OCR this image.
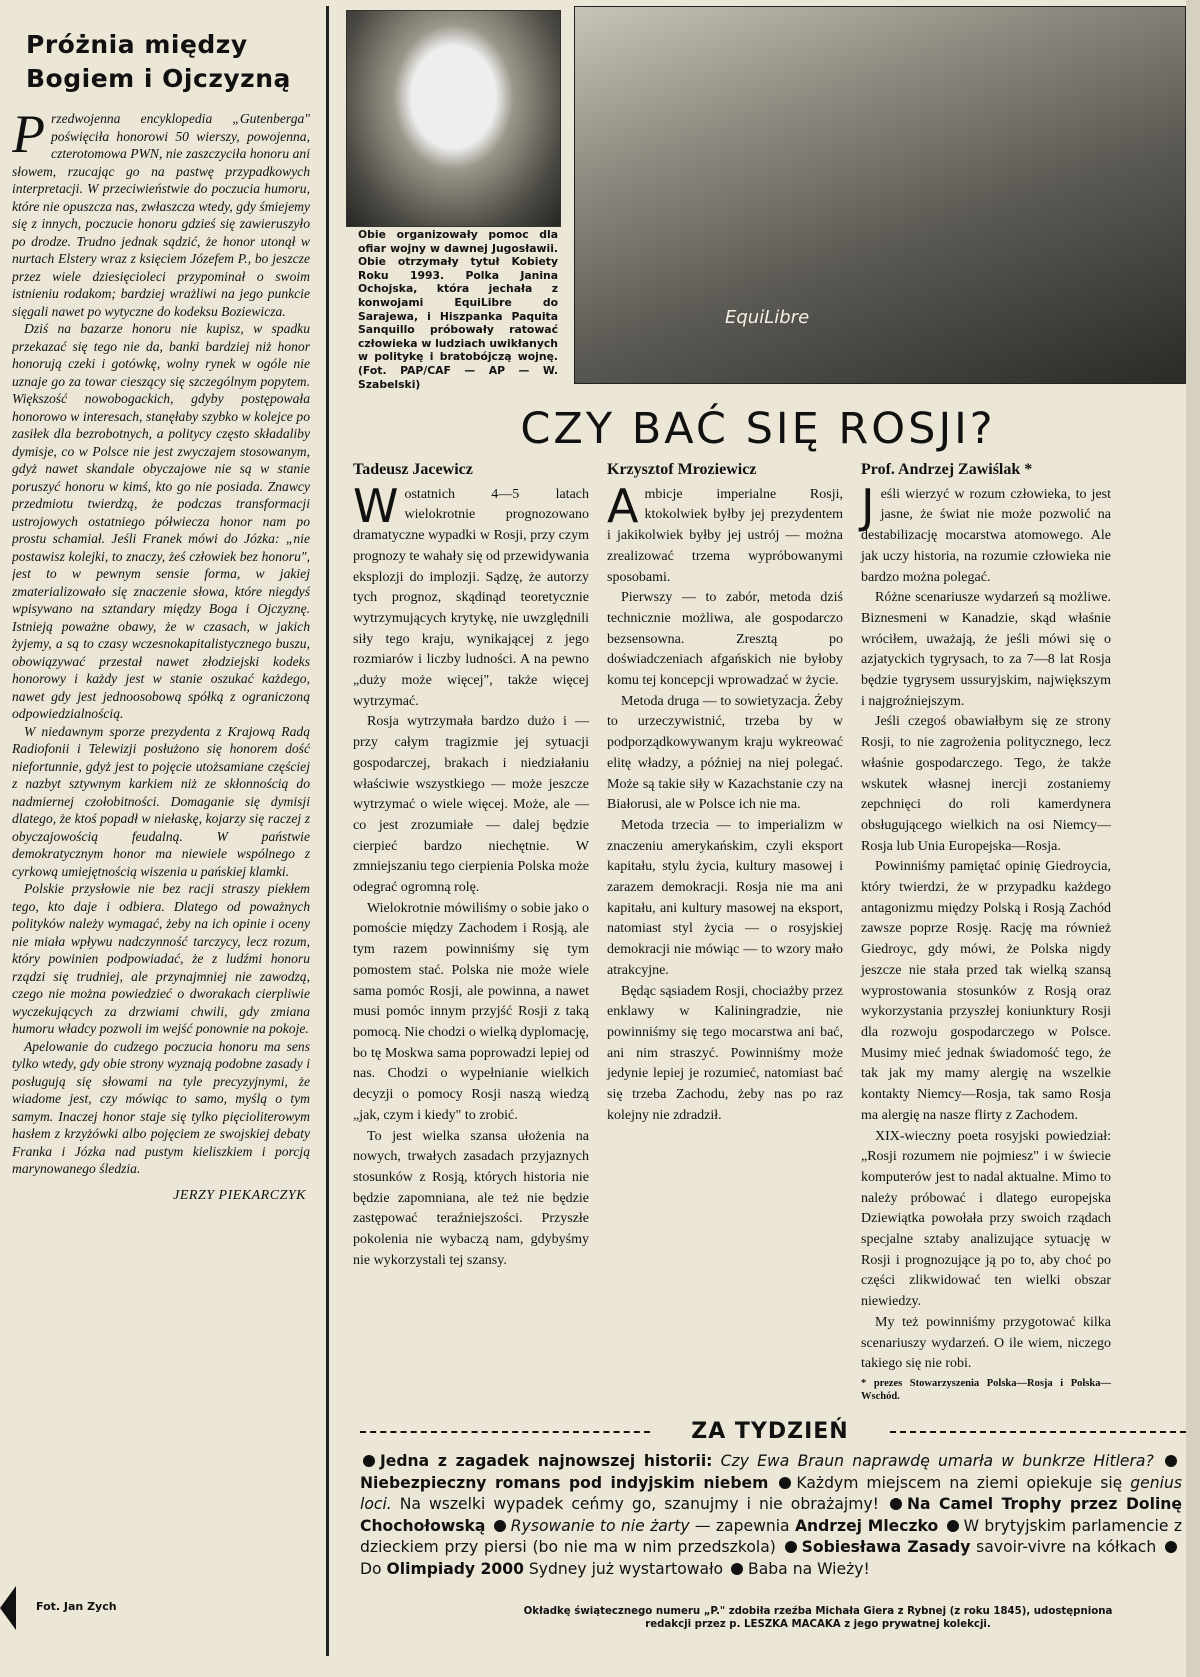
Próżnia między
Bogiem i Ojczyzną

Przedwojenna encyklopedia „Gutenberga" poświęciła honorowi 50 wierszy, powojenna, czterotomowa PWN, nie zaszczyciła honoru ani słowem, rzucając go na pastwę przypadkowych interpretacji. W przeciwieństwie do poczucia humoru, które nie opuszcza nas, zwłaszcza wtedy, gdy śmiejemy się z innych, poczucie honoru gdzieś się zawieruszyło po drodze. Trudno jednak sądzić, że honor utonął w nurtach Elstery wraz z księciem Józefem P., bo jeszcze przez wiele dziesięcioleci przypominał o swoim istnieniu rodakom; bardziej wrażliwi na jego punkcie sięgali nawet po wytyczne do kodeksu Boziewicza.

Dziś na bazarze honoru nie kupisz, w spadku przekazać się tego nie da, banki bardziej niż honor honorują czeki i gotówkę, wolny rynek w ogóle nie uznaje go za towar cieszący się szczególnym popytem. Większość nowobogackich, gdyby postępowała honorowo w interesach, stanęłaby szybko w kolejce po zasiłek dla bezrobotnych, a politycy często składaliby dymisje, co w Polsce nie jest zwyczajem stosowanym, gdyż nawet skandale obyczajowe nie są w stanie poruszyć honoru w kimś, kto go nie posiada. Znawcy przedmiotu twierdzą, że podczas transformacji ustrojowych ostatniego półwiecza honor nam po prostu schamiał. Jeśli Franek mówi do Józka: „nie postawisz kolejki, to znaczy, żeś człowiek bez honoru", jest to w pewnym sensie forma, w jakiej zmaterializowało się znaczenie słowa, które niegdyś wpisywano na sztandary między Boga i Ojczyznę. Istnieją poważne obawy, że w czasach, w jakich żyjemy, a są to czasy wczesnokapitalistycznego buszu, obowiązywać przestał nawet złodziejski kodeks honorowy i każdy jest w stanie oszukać każdego, nawet gdy jest jednoosobową spółką z ograniczoną odpowiedzialnością.

W niedawnym sporze prezydenta z Krajową Radą Radiofonii i Telewizji posłużono się honorem dość niefortunnie, gdyż jest to pojęcie utożsamiane częściej z nazbyt sztywnym karkiem niż ze skłonnością do nadmiernej czołobitności. Domaganie się dymisji dlatego, że ktoś popadł w niełaskę, kojarzy się raczej z obyczajowością feudalną. W państwie demokratycznym honor ma niewiele wspólnego z cyrkową umiejętnością wiszenia u pańskiej klamki.

Polskie przysłowie nie bez racji straszy piekłem tego, kto daje i odbiera. Dlatego od poważnych polityków należy wymagać, żeby na ich opinie i oceny nie miała wpływu nadczynność tarczycy, lecz rozum, który powinien podpowiadać, że z ludźmi honoru rządzi się trudniej, ale przynajmniej nie zawodzą, czego nie można powiedzieć o dworakach cierpliwie wyczekujących za drzwiami chwili, gdy zmiana humoru władcy pozwoli im wejść ponownie na pokoje.

Apelowanie do cudzego poczucia honoru ma sens tylko wtedy, gdy obie strony wyznają podobne zasady i posługują się słowami na tyle precyzyjnymi, że wiadome jest, czy mówiąc to samo, myślą o tym samym. Inaczej honor staje się tylko pięcioliterowym hasłem z krzyżówki albo pojęciem ze swojskiej debaty Franka i Józka nad pustym kieliszkiem i porcją marynowanego śledzia.

JERZY PIEKARCZYK
Fot. Jan Zych
EquiLibre
Obie organizowały pomoc dla ofiar wojny w dawnej Jugosławii. Obie otrzymały tytuł Kobiety Roku 1993. Polka Janina Ochojska, która jechała z konwojami EquiLibre do Sarajewa, i Hiszpanka Paquita Sanquillo próbowały ratować człowieka w ludziach uwikłanych w politykę i bratobójczą wojnę. (Fot. PAP/CAF — AP — W. Szabelski)
CZY BAĆ SIĘ ROSJI?
Tadeusz Jacewicz

Wostatnich 4—5 latach wielokrotnie prognozowano dramatyczne wypadki w Rosji, przy czym prognozy te wahały się od przewidywania eksplozji do implozji. Sądzę, że autorzy tych prognoz, skądinąd teoretycznie wytrzymujących krytykę, nie uwzględnili siły tego kraju, wynikającej z jego rozmiarów i liczby ludności. A na pewno „duży może więcej", także więcej wytrzymać.

Rosja wytrzymała bardzo dużo i — przy całym tragizmie jej sytuacji gospodarczej, brakach i niedziałaniu właściwie wszystkiego — może jeszcze wytrzymać o wiele więcej. Może, ale — co jest zrozumiałe — dalej będzie cierpieć bardzo niechętnie. W zmniejszaniu tego cierpienia Polska może odegrać ogromną rolę.

Wielokrotnie mówiliśmy o sobie jako o pomoście między Zachodem i Rosją, ale tym razem powinniśmy się tym pomostem stać. Polska nie może wiele sama pomóc Rosji, ale powinna, a nawet musi pomóc innym przyjść Rosji z taką pomocą. Nie chodzi o wielką dyplomację, bo tę Moskwa sama poprowadzi lepiej od nas. Chodzi o wypełnianie wielkich decyzji o pomocy Rosji naszą wiedzą „jak, czym i kiedy" to zrobić.

To jest wielka szansa ułożenia na nowych, trwałych zasadach przyjaznych stosunków z Rosją, których historia nie będzie zapomniana, ale też nie będzie zastępować teraźniejszości. Przyszłe pokolenia nie wybaczą nam, gdybyśmy nie wykorzystali tej szansy.

Krzysztof Mroziewicz

Ambicje imperialne Rosji, ktokolwiek byłby jej prezydentem i jakikolwiek byłby jej ustrój — można zrealizować trzema wypróbowanymi sposobami.

Pierwszy — to zabór, metoda dziś technicznie możliwa, ale gospodarczo bezsensowna. Zresztą po doświadczeniach afgańskich nie byłoby komu tej koncepcji wprowadzać w życie.

Metoda druga — to sowietyzacja. Żeby to urzeczywistnić, trzeba by w podporządkowywanym kraju wykreować elitę władzy, a później na niej polegać. Może są takie siły w Kazachstanie czy na Białorusi, ale w Polsce ich nie ma.

Metoda trzecia — to imperializm w znaczeniu amerykańskim, czyli eksport kapitału, stylu życia, kultury masowej i zarazem demokracji. Rosja nie ma ani kapitału, ani kultury masowej na eksport, natomiast styl życia — o rosyjskiej demokracji nie mówiąc — to wzory mało atrakcyjne.

Będąc sąsiadem Rosji, chociażby przez enklawy w Kaliningradzie, nie powinniśmy się tego mocarstwa ani bać, ani nim straszyć. Powinniśmy może jedynie lepiej je rozumieć, natomiast bać się trzeba Zachodu, żeby nas po raz kolejny nie zdradził.

Prof. Andrzej Zawiślak *

Jeśli wierzyć w rozum człowieka, to jest jasne, że świat nie może pozwolić na destabilizację mocarstwa atomowego. Ale jak uczy historia, na rozumie człowieka nie bardzo można polegać.

Różne scenariusze wydarzeń są możliwe. Biznesmeni w Kanadzie, skąd właśnie wróciłem, uważają, że jeśli mówi się o azjatyckich tygrysach, to za 7—8 lat Rosja będzie tygrysem ussuryjskim, największym i najgroźniejszym.

Jeśli czegoś obawiałbym się ze strony Rosji, to nie zagrożenia politycznego, lecz właśnie gospodarczego. Tego, że także wskutek własnej inercji zostaniemy zepchnięci do roli kamerdynera obsługującego wielkich na osi Niemcy—Rosja lub Unia Europejska—Rosja.

Powinniśmy pamiętać opinię Giedroycia, który twierdzi, że w przypadku każdego antagonizmu między Polską i Rosją Zachód zawsze poprze Rosję. Rację ma również Giedroyc, gdy mówi, że Polska nigdy jeszcze nie stała przed tak wielką szansą wyprostowania stosunków z Rosją oraz wykorzystania przyszłej koniunktury Rosji dla rozwoju gospodarczego w Polsce. Musimy mieć jednak świadomość tego, że tak jak my mamy alergię na wszelkie kontakty Niemcy—Rosja, tak samo Rosja ma alergię na nasze flirty z Zachodem.

XIX-wieczny poeta rosyjski powiedział: „Rosji rozumem nie pojmiesz" i w świecie komputerów jest to nadal aktualne. Mimo to należy próbować i dlatego europejska Dziewiątka powołała przy swoich rządach specjalne sztaby analizujące sytuację w Rosji i prognozujące ją po to, aby choć po części zlikwidować ten wielki obszar niewiedzy.

My też powinniśmy przygotować kilka scenariuszy wydarzeń. O ile wiem, niczego takiego się nie robi.

* prezes Stowarzyszenia Polska—Rosja i Polska—Wschód.

ZA TYDZIEŃ
Jedna z zagadek najnowszej historii: Czy Ewa Braun naprawdę umarła w bunkrze Hitlera? Niebezpieczny romans pod indyjskim niebem Każdym miejscem na ziemi opiekuje się genius loci. Na wszelki wypadek ceńmy go, szanujmy i nie obrażajmy! Na Camel Trophy przez Dolinę Chochołowską Rysowanie to nie żarty — zapewnia Andrzej Mleczko W brytyjskim parlamencie z dzieckiem przy piersi (bo nie ma w nim przedszkola) Sobiesława Zasady savoir-vivre na kółkach Do Olimpiady 2000 Sydney już wystartowało Baba na Wieży!
Okładkę świątecznego numeru „P." zdobiła rzeźba Michała Giera z Rybnej (z roku 1845), udostępniona redakcji przez p. LESZKA MACAKA z jego prywatnej kolekcji.
